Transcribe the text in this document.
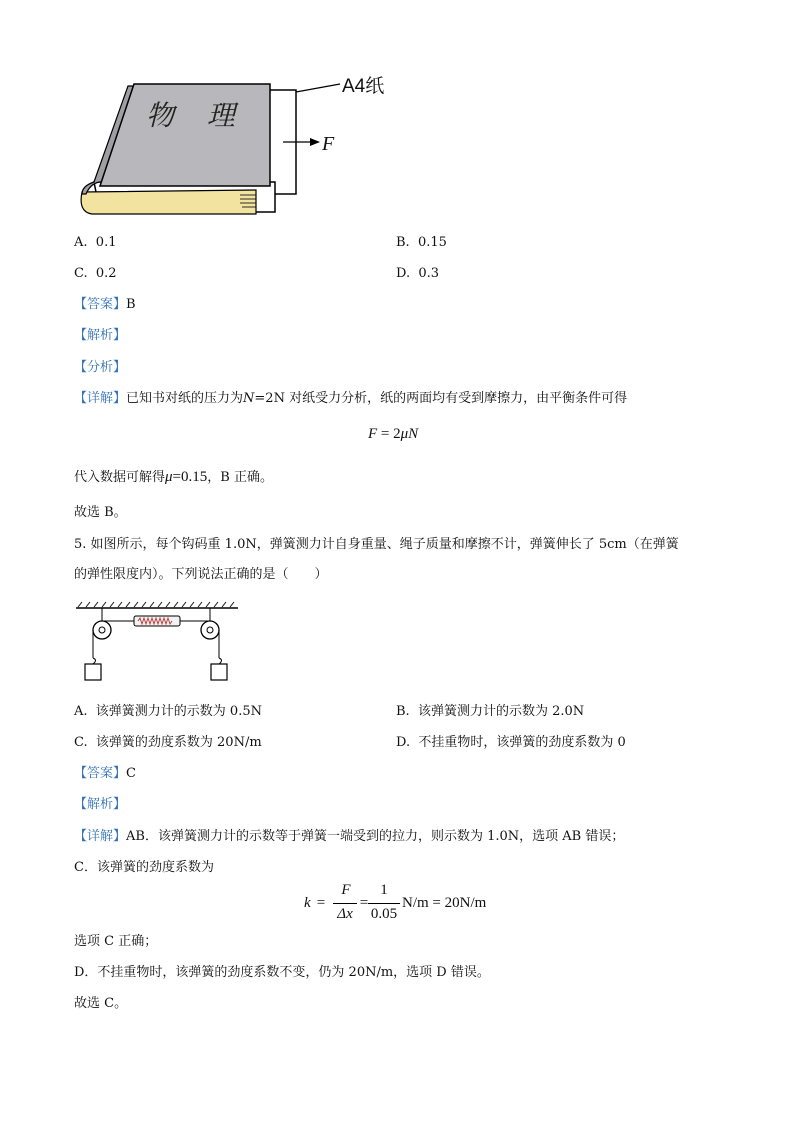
物 理
A4纸
F
A. 0.1	B. 0.15
C. 0.2	D. 0.3
【答案】B
【解析】
【分析】
【详解】已知书对纸的压力为N=2N 对纸受力分析，纸的两面均有受到摩擦力，由平衡条件可得
F = 2μN
代入数据可解得μ=0.15，B 正确。
故选 B。
5. 如图所示，每个钩码重 1.0N，弹簧测力计自身重量、绳子质量和摩擦不计，弹簧伸长了 5cm（在弹簧
的弹性限度内）。下列说法正确的是（　　）
A. 该弹簧测力计的示数为 0.5N	B. 该弹簧测力计的示数为 2.0N
C. 该弹簧的劲度系数为 20N/m	D. 不挂重物时，该弹簧的劲度系数为 0
【答案】C
【解析】
【详解】AB．该弹簧测力计的示数等于弹簧一端受到的拉力，则示数为 1.0N，选项 AB 错误；
C．该弹簧的劲度系数为
k =
F
Δx
=
1
0.05
N/m = 20N/m
选项 C 正确；
D．不挂重物时，该弹簧的劲度系数不变，仍为 20N/m，选项 D 错误。
故选 C。
